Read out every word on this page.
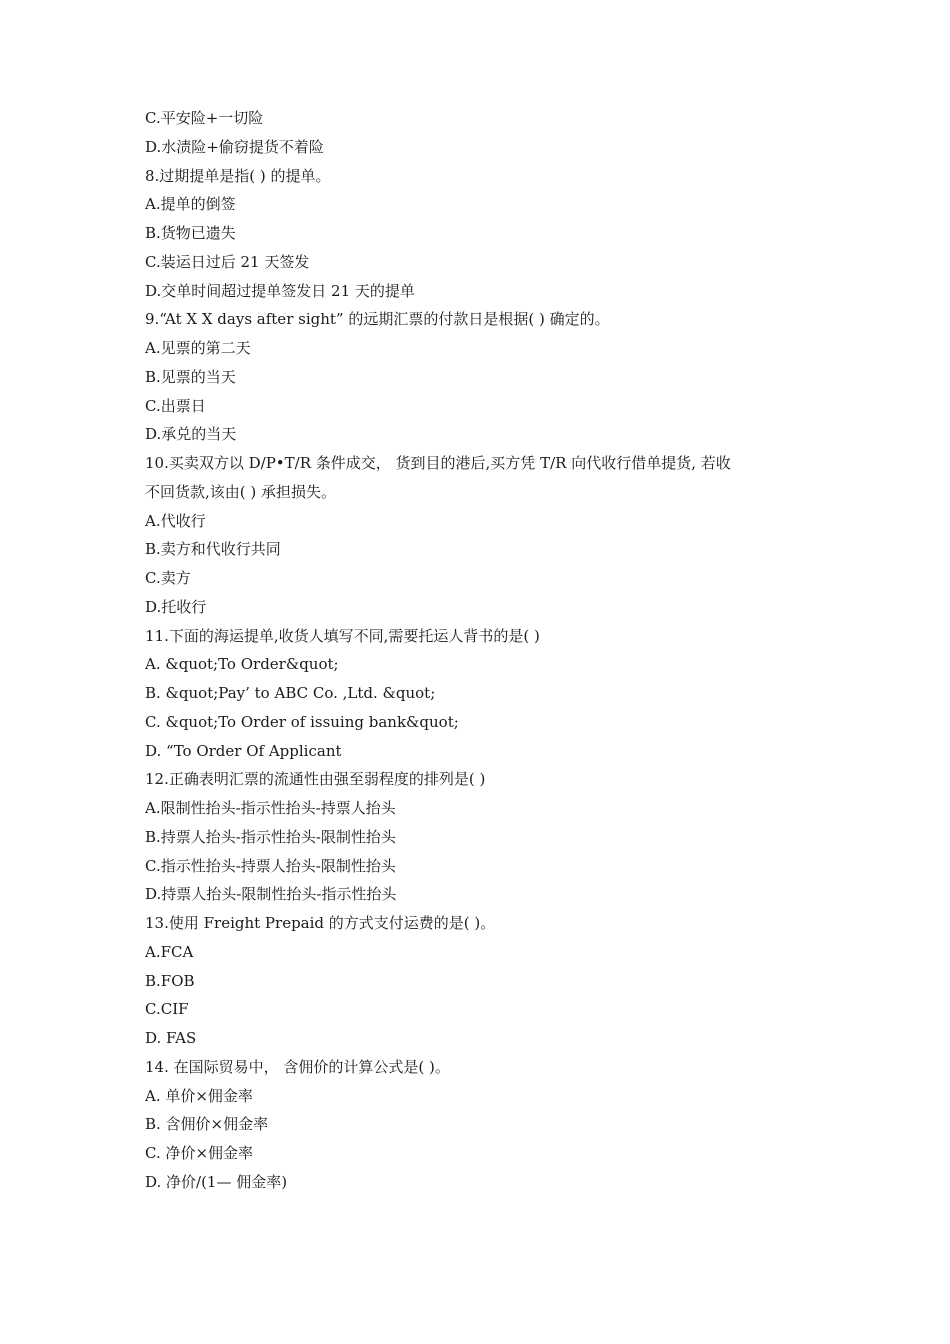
C.平安险+一切险
D.水渍险+偷窃提货不着险
8.过期提单是指( ) 的提单。
A.提单的倒签
B.货物已遗失
C.装运日过后 21 天签发
D.交单时间超过提单签发日 21 天的提单
9.“At X X days after sight” 的远期汇票的付款日是根据( ) 确定的。
A.见票的第二天
B.见票的当天
C.出票日
D.承兑的当天
10.买卖双方以 D/P•T/R 条件成交， 货到目的港后,买方凭 T/R 向代收行借单提货, 若收
不回货款,该由( ) 承担损失。
A.代收行
B.卖方和代收行共同
C.卖方
D.托收行
11.下面的海运提单,收货人填写不同,需要托运人背书的是( )
A. &quot;To Order&quot;
B. &quot;Pay’ to ABC Co. ,Ltd. &quot;
C. &quot;To Order of issuing bank&quot;
D. “To Order Of Applicant
12.正确表明汇票的流通性由强至弱程度的排列是( )
A.限制性抬头-指示性抬头-持票人抬头
B.持票人抬头-指示性抬头-限制性抬头
C.指示性抬头-持票人抬头-限制性抬头
D.持票人抬头-限制性抬头-指示性抬头
13.使用 Freight Prepaid 的方式支付运费的是( )。
A.FCA
B.FOB
C.CIF
D. FAS
14. 在国际贸易中， 含佣价的计算公式是( )。
A. 单价×佣金率
B. 含佣价×佣金率
C. 净价×佣金率
D. 净价/(1— 佣金率)
